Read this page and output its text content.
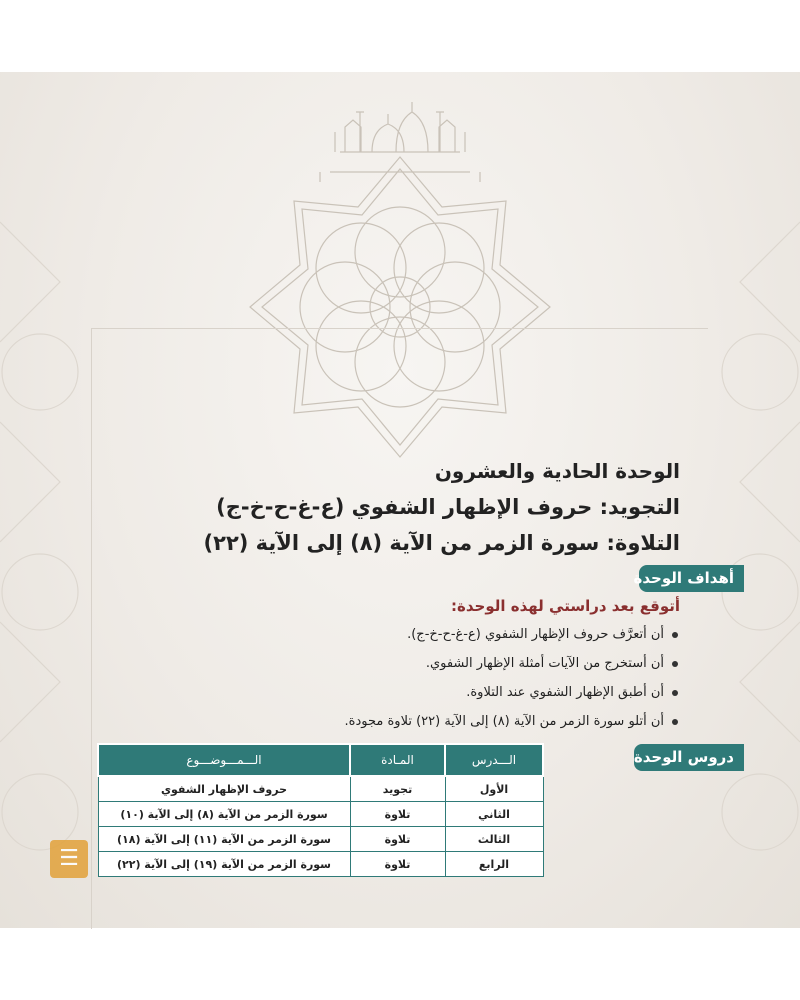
الوحدة الحادية والعشرون
التجويد: حروف الإظهار الشفوي (ع-غ-ح-خ-ج)
التلاوة: سورة الزمر من الآية (٨) إلى الآية (٢٢)
أهداف الوحدة
أتوقع بعد دراستي لهذه الوحدة:
أن أتعرَّف حروف الإظهار الشفوي (ع-غ-ح-خ-ج).
أن أستخرج من الآيات أمثلة الإظهار الشفوي.
أن أطبق الإظهار الشفوي عند التلاوة.
أن أتلو سورة الزمر من الآية (٨) إلى الآية (٢٢) تلاوة مجودة.
دروس الوحدة
الـــدرس	المـادة	الـــمـــوضـــوع
الأول	تجويد	حروف الإظهار الشفوي
الثاني	تلاوة	سورة الزمر من الآية (٨) إلى الآية (١٠)
الثالث	تلاوة	سورة الزمر من الآية (١١) إلى الآية (١٨)
الرابع	تلاوة	سورة الزمر من الآية (١٩) إلى الآية (٢٢)
☰
